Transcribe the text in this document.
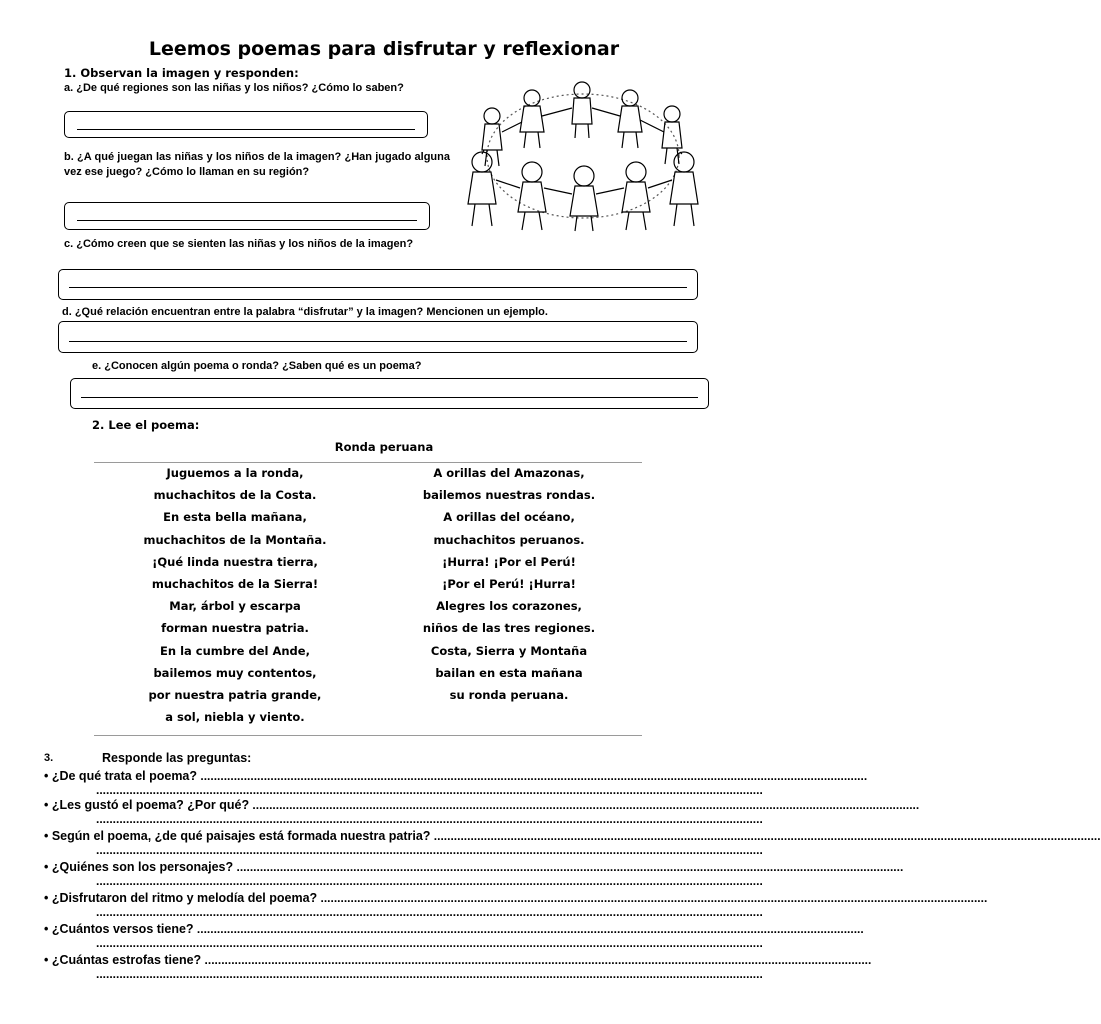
Leemos poemas para disfrutar y reflexionar
1. Observan la imagen y responden:
a. ¿De qué regiones son las niñas y los niños? ¿Cómo lo saben?
b. ¿A qué juegan las niñas y los niños de la imagen? ¿Han jugado alguna vez ese juego? ¿Cómo lo llaman en su región?
c. ¿Cómo creen que se sienten las niñas y los niños de la imagen?
d. ¿Qué relación encuentran entre la palabra “disfrutar” y la imagen? Mencionen un ejemplo.
e. ¿Conocen algún poema o ronda? ¿Saben qué es un poema?
2. Lee el poema:
Ronda peruana
Juguemos a la ronda,
muchachitos de la Costa.
En esta bella mañana,
muchachitos de la Montaña.
¡Qué linda nuestra tierra,
muchachitos de la Sierra!
Mar, árbol y escarpa
forman nuestra patria.
En la cumbre del Ande,
bailemos muy contentos,
por nuestra patria grande,
a sol, niebla y viento.
A orillas del Amazonas,
bailemos nuestras rondas.
A orillas del océano,
muchachitos peruanos.
¡Hurra! ¡Por el Perú!
¡Por el Perú! ¡Hurra!
Alegres los corazones,
niños de las tres regiones.
Costa, Sierra y Montaña
bailan en esta mañana
su ronda peruana.
3.	Responde las preguntas:
• ¿De qué trata el poema? ........................................................................................................................................................................................................
........................................................................................................................................................................................................
• ¿Les gustó el poema? ¿Por qué? ........................................................................................................................................................................................................
........................................................................................................................................................................................................
• Según el poema, ¿de qué paisajes está formada nuestra patria? ........................................................................................................................................................................................................
........................................................................................................................................................................................................
• ¿Quiénes son los personajes? ........................................................................................................................................................................................................
........................................................................................................................................................................................................
• ¿Disfrutaron del ritmo y melodía del poema? ........................................................................................................................................................................................................
........................................................................................................................................................................................................
• ¿Cuántos versos tiene? ........................................................................................................................................................................................................
........................................................................................................................................................................................................
• ¿Cuántas estrofas tiene? ........................................................................................................................................................................................................
........................................................................................................................................................................................................
